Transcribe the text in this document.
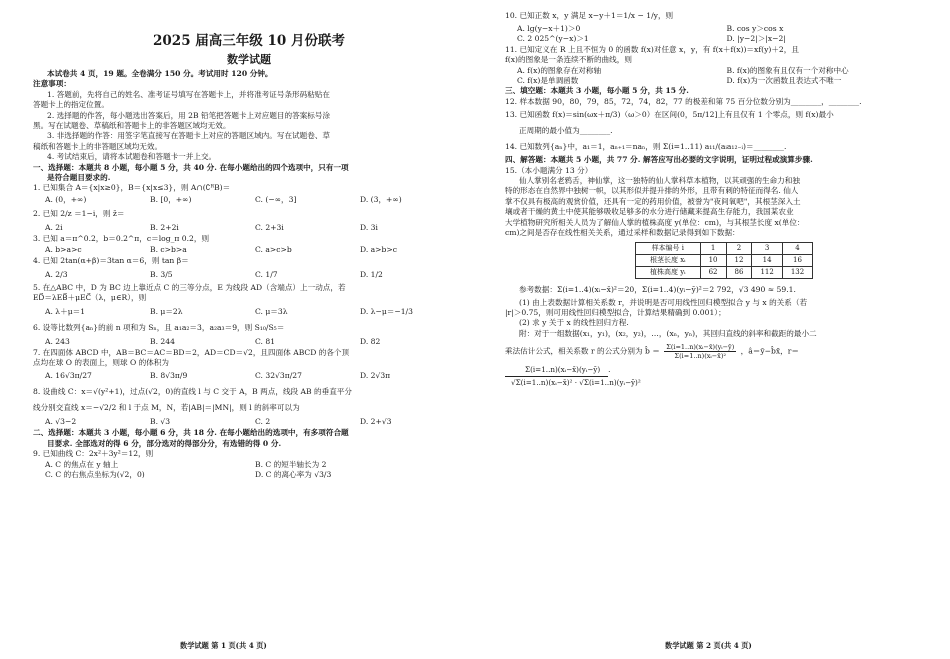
2025 届高三年级 10 月份联考
数学试题
本试卷共 4 页，19 题。全卷满分 150 分。考试用时 120 分钟。
注意事项：
1. 答题前，先将自己的姓名、准考证号填写在答题卡上，并将准考证号条形码粘贴在
答题卡上的指定位置。
2. 选择题的作答，每小题选出答案后，用 2B 铅笔把答题卡上对应题目的答案标号涂
黑。写在试题卷、草稿纸和答题卡上的非答题区域均无效。
3. 非选择题的作答：用签字笔直接写在答题卡上对应的答题区域内。写在试题卷、草
稿纸和答题卡上的非答题区域均无效。
4. 考试结束后，请将本试题卷和答题卡一并上交。
一、选择题：本题共 8 小题，每小题 5 分，共 40 分. 在每小题给出的四个选项中，只有一项
是符合题目要求的.
1. 已知集合 A＝{x|x≥0}，B＝{x|x≤3}，则 A∩(∁ᴿB)＝
A. (0，+∞)	B. [0，+∞)	C. (−∞，3]	D. (3，+∞)
2. 已知 2/z ＝1−i，则 z̄＝
A. 2i	B. 2+2i	C. 2+3i	D. 3i
3. 已知 a＝π^0.2，b＝0.2^π，c＝log_π 0.2，则
A. b>a>c	B. c>b>a	C. a>c>b	D. a>b>c
4. 已知 2tan(α+β)＝3tan α＝6，则 tan β＝
A. 2/3	B. 3/5	C. 1/7	D. 1/2
5. 在△ABC 中，D 为 BC 边上靠近点 C 的三等分点，E 为线段 AD（含端点）上一动点，若
ED⃗＝λEB⃗＋μEC⃗（λ，μ∈R），则
A. λ＋μ＝1	B. μ＝2λ	C. μ＝3λ	D. λ−μ＝−1/3
6. 设等比数列{aₙ}的前 n 项和为 Sₙ，且 a₁a₂＝3，a₂a₃＝9，则 S₁₀/S₅＝
A. 243	B. 244	C. 81	D. 82
7. 在四面体 ABCD 中，AB＝BC＝AC＝BD＝2，AD＝CD＝√2，且四面体 ABCD 的各个顶
点均在球 O 的表面上，则球 O 的体积为
A. 16√3π/27	B. 8√3π/9	C. 32√3π/27	D. 2√3π
8. 设曲线 C：x＝√(y²+1)，过点(√2，0)的直线 l 与 C 交于 A，B 两点，线段 AB 的垂直平分
线分别交直线 x＝−√2/2 和 l 于点 M，N，若|AB|＝|MN|，则 l 的斜率可以为
A. √3−2	B. √3	C. 2	D. 2+√3
二、选择题：本题共 3 小题，每小题 6 分，共 18 分. 在每小题给出的选项中，有多项符合题
目要求. 全部选对的得 6 分，部分选对的得部分分，有选错的得 0 分.
9. 已知曲线 C：2x²＋3y²＝12，则
A. C 的焦点在 y 轴上	B. C 的短半轴长为 2
C. C 的右焦点坐标为(√2，0)	D. C 的离心率为 √3/3
数学试题 第 1 页(共 4 页)
10. 已知正数 x，y 满足 x−y＋1＝1/x − 1/y，则
A. lg(y−x＋1)＞0	B. cos y＞cos x
C. 2 025^(y−x)＞1	D. |y−2|＞|x−2|
11. 已知定义在 R 上且不恒为 0 的函数 f(x)对任意 x，y，有 f(x＋f(x))＝xf(y)＋2，且
f(x)的图象是一条连续不断的曲线，则
A. f(x)的图象存在对称轴	B. f(x)的图象有且仅有一个对称中心
C. f(x)是单调函数	D. f(x)为一次函数且表达式不唯一
三、填空题：本题共 3 小题，每小题 5 分，共 15 分.
12. 样本数据 90，80，79，85，72，74，82，77 的极差和第 75 百分位数分别为________，________.
13. 已知函数 f(x)＝sin(ωx＋π/3)（ω＞0）在区间(0，5π/12]上有且仅有 1 个零点，则 f(x)最小
正周期的最小值为________.
14. 已知数列{aₙ}中，a₁＝1，aₙ₊₁＝naₙ，则 Σ(i=1..11) a₁₁/(aᵢa₁₂₋ᵢ)＝________.
四、解答题：本题共 5 小题，共 77 分. 解答应写出必要的文字说明，证明过程或演算步骤.
15.（本小题满分 13 分）
仙人掌别名老鸦舌，神仙掌，这一独特的仙人掌科草本植物，以其顽强的生命力和独
特的形态在自然界中独树一帜，以其形似并提升排的外形，且带有刺的特征而得名. 仙人
掌不仅具有极高的观赏价值，还具有一定的药用价值，被誉为"夜间氧吧"，其根茎深入土
壤或者干燥的黄土中使其能够吸收足够多的水分进行储藏来提高生存能力，我国某农业
大学植物研究所相关人员为了解仙人掌的植株高度 y(单位：cm)，与其根茎长度 x(单位：
cm)之间是否存在线性相关关系，通过采样和数据记录得到如下数据：
样本编号 i	1	2	3	4
根茎长度 xᵢ	10	12	14	16
植株高度 yᵢ	62	86	112	132
参考数据：Σ(i=1..4)(xᵢ−x̄)²＝20，Σ(i=1..4)(yᵢ−ȳ)²＝2 792，√3 490 ≈ 59.1.
(1) 由上表数据计算相关系数 r，并说明是否可用线性回归模型拟合 y 与 x 的关系（若
|r|＞0.75，则可用线性回归模型拟合，计算结果精确到 0.001）；
(2) 求 y 关于 x 的线性回归方程.
附：对于一组数据(x₁，y₁)，(x₂，y₂)，…，(xₙ，yₙ)，其回归直线的斜率和截距的最小二
乘法估计公式，相关系数 r 的公式分别为 b̂ ＝ $\frac{\text{Σ(i=1..n)(xᵢ−x̄)(yᵢ−ȳ)}}{\text{Σ(i=1..n)(xᵢ−x̄)²}}$ ，â＝ȳ−b̂x̄，r＝
Σ(i=1..n)(xᵢ−x̄)(yᵢ−ȳ) .
√Σ(i=1..n)(xᵢ−x̄)² · √Σ(i=1..n)(yᵢ−ȳ)²
数学试题 第 2 页(共 4 页)
